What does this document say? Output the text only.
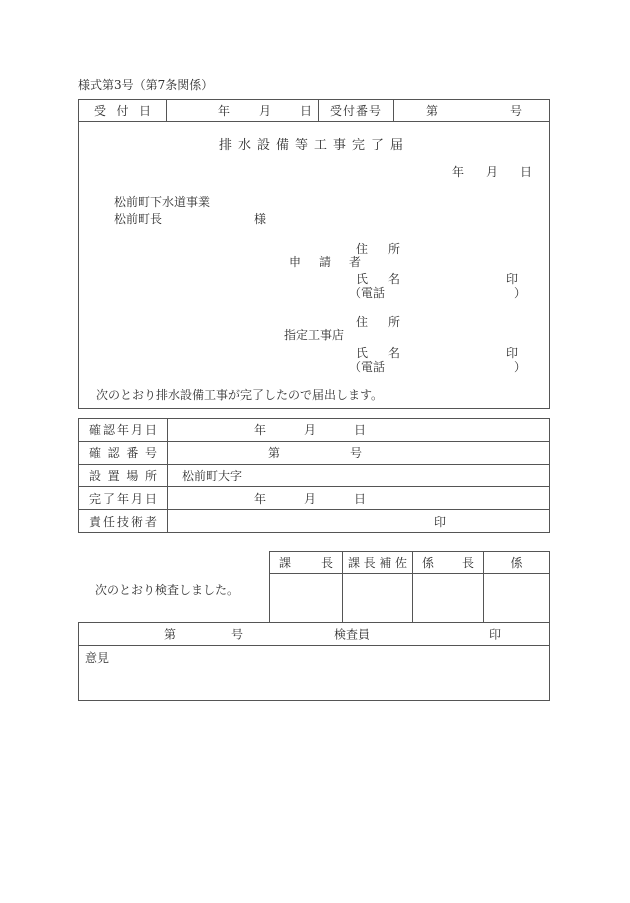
様式第3号（第7条関係）
受付日	年 月 日 受付番号	第	号
排水設備等工事完了届
年 月 日
松前町下水道事業
松前町長	様
住所
申請者
氏名	印
（電話	）
住所
指定工事店
氏名	印
（電話	）
次のとおり排水設備工事が完了したので届出します。
確認年月日	年	月	日
確認番号	第	号
設置場所	松前町大字
完了年月日	年	月	日
責任技術者	印
次のとおり検査しました。
課長	課長補佐	係長	係
第	号	検査員	印
意見
